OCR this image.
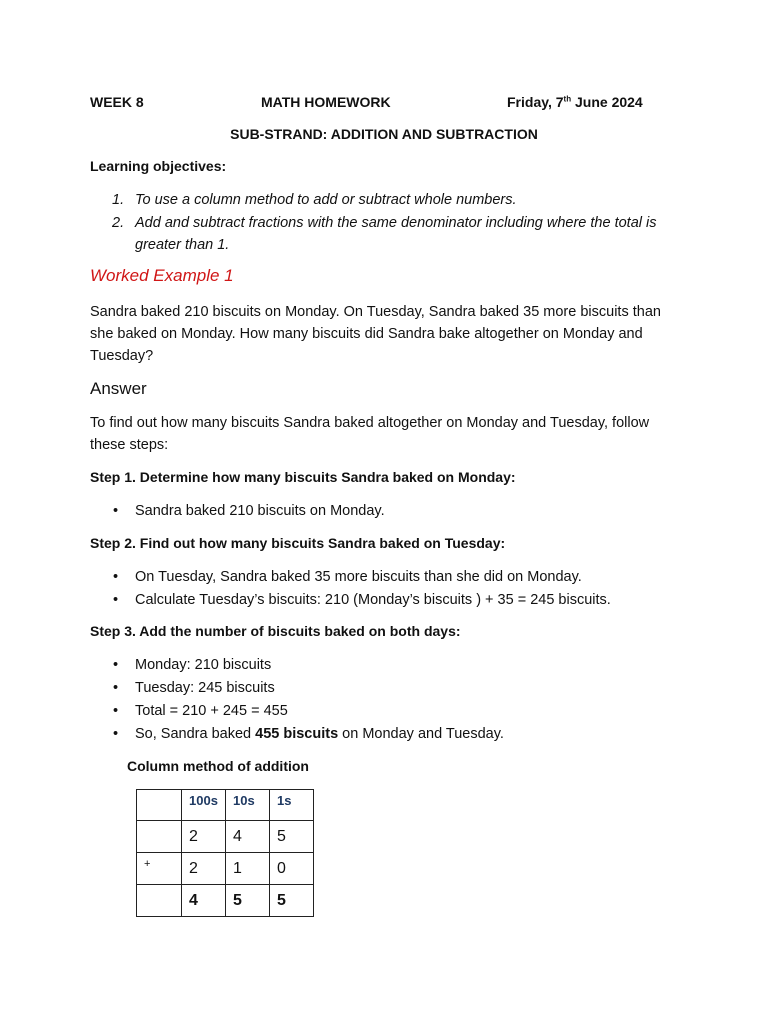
WEEK 8	MATH HOMEWORK	Friday, 7th June 2024
SUB-STRAND: ADDITION AND SUBTRACTION
Learning objectives:
1. To use a column method to add or subtract whole numbers.
2. Add and subtract fractions with the same denominator including where the total is greater than 1.
Worked Example 1

Sandra baked 210 biscuits on Monday. On Tuesday, Sandra baked 35 more biscuits than she baked on Monday. How many biscuits did Sandra bake altogether on Monday and Tuesday?

Answer

To find out how many biscuits Sandra baked altogether on Monday and Tuesday, follow these steps:

Step 1. Determine how many biscuits Sandra baked on Monday:
• Sandra baked 210 biscuits on Monday.
Step 2. Find out how many biscuits Sandra baked on Tuesday:
• On Tuesday, Sandra baked 35 more biscuits than she did on Monday.
• Calculate Tuesday’s biscuits: 210 (Monday’s biscuits ) + 35 = 245 biscuits.
Step 3. Add the number of biscuits baked on both days:
• Monday: 210 biscuits
• Tuesday: 245 biscuits
• Total = 210 + 245 = 455
• So, Sandra baked 455 biscuits on Monday and Tuesday.
Column method of addition
	100s	10s	1s
	2	4	5
+	2	1	0
	4	5	5
